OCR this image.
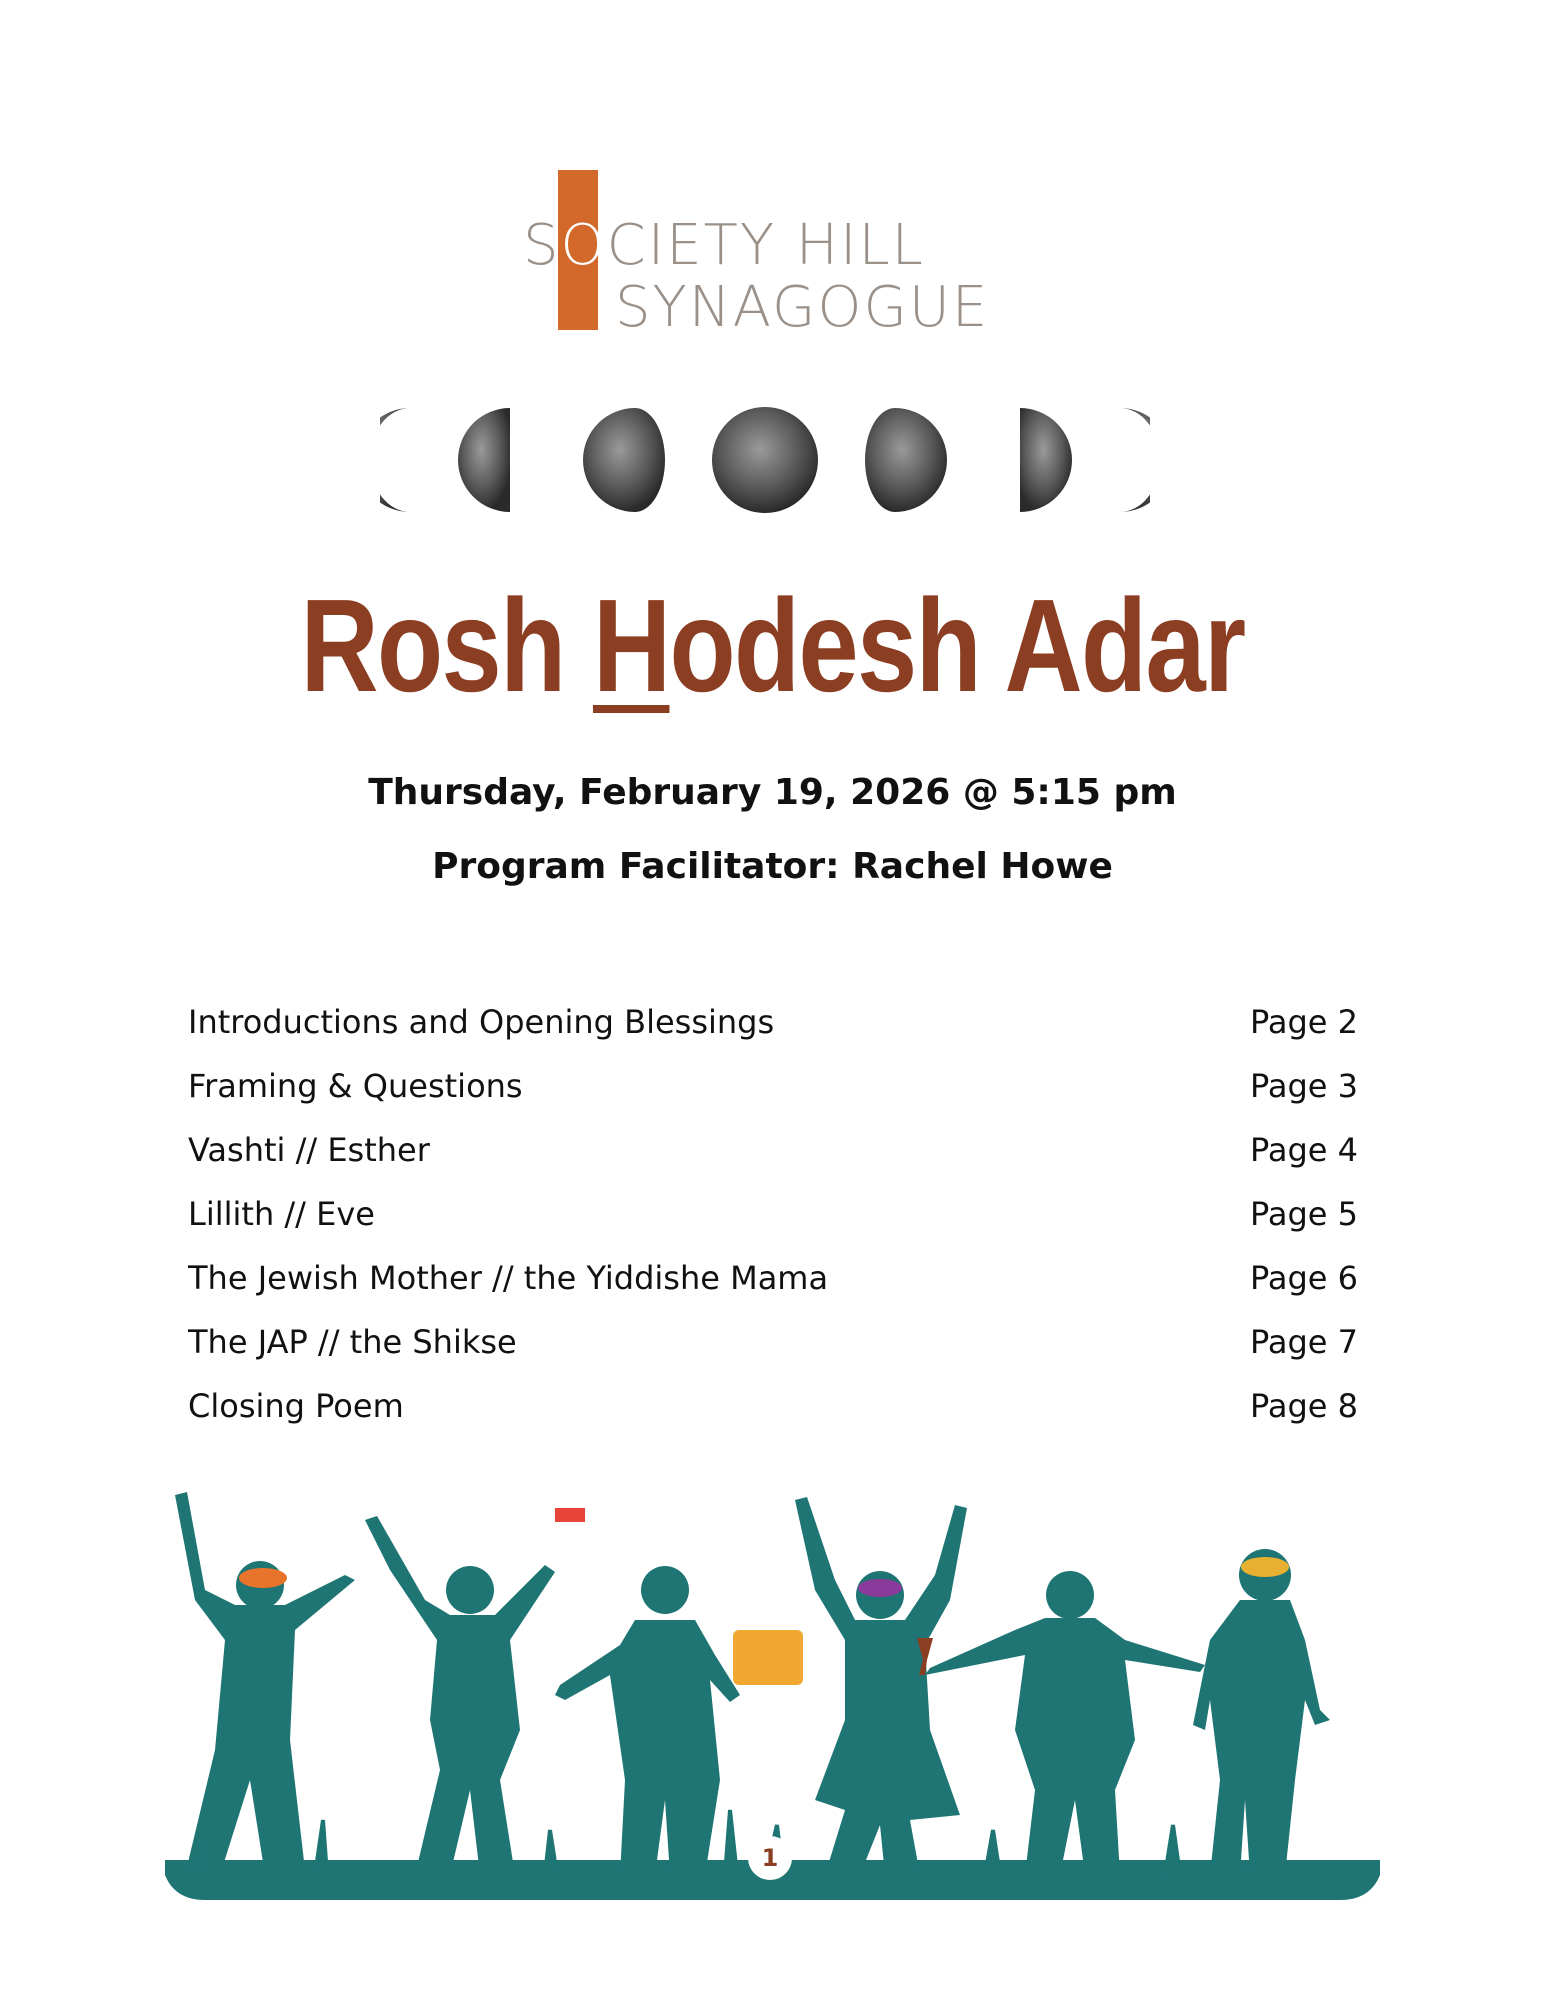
SOCIETY HILL
SYNAGOGUE
Rosh Hodesh Adar
Thursday, February 19, 2026 @ 5:15 pm
Program Facilitator: Rachel Howe
Introductions and Opening Blessings	Page 2
Framing & Questions	Page 3
Vashti // Esther	Page 4
Lillith // Eve	Page 5
The Jewish Mother // the Yiddishe Mama	Page 6
The JAP // the Shikse	Page 7
Closing Poem	Page 8
1
